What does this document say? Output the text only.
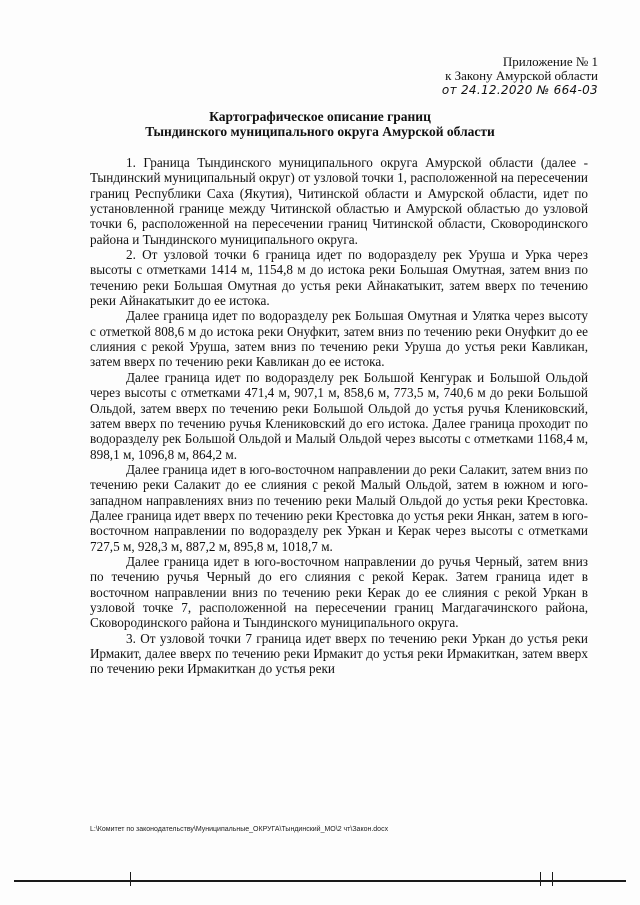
Приложение № 1
к Закону Амурской области
от 24.12.2020 № 664-03
Картографическое описание границ
Тындинского муниципального округа Амурской области

1. Граница Тындинского муниципального округа Амурской области (далее - Тындинский муниципальный округ) от узловой точки 1, расположенной на пересечении границ Республики Саха (Якутия), Читинской области и Амурской области, идет по установленной границе между Читинской областью и Амурской областью до узловой точки 6, расположенной на пересечении границ Читинской области, Сковородинского района и Тындинского муниципального округа.

2. От узловой точки 6 граница идет по водоразделу рек Уруша и Урка через высоты с отметками 1414 м, 1154,8 м до истока реки Большая Омутная, затем вниз по течению реки Большая Омутная до устья реки Айнакатыкит, затем вверх по течению реки Айнакатыкит до ее истока.

Далее граница идет по водоразделу рек Большая Омутная и Улятка через высоту с отметкой 808,6 м до истока реки Онуфкит, затем вниз по течению реки Онуфкит до ее слияния с рекой Уруша, затем вниз по течению реки Уруша до устья реки Кавликан, затем вверх по течению реки Кавликан до ее истока.

Далее граница идет по водоразделу рек Большой Кенгурак и Большой Ольдой через высоты с отметками 471,4 м, 907,1 м, 858,6 м, 773,5 м, 740,6 м до реки Большой Ольдой, затем вверх по течению реки Большой Ольдой до устья ручья Клениковский, затем вверх по течению ручья Клениковский до его истока. Далее граница проходит по водоразделу рек Большой Ольдой и Малый Ольдой через высоты с отметками 1168,4 м, 898,1 м, 1096,8 м, 864,2 м.

Далее граница идет в юго-восточном направлении до реки Салакит, затем вниз по течению реки Салакит до ее слияния с рекой Малый Ольдой, затем в южном и юго-западном направлениях вниз по течению реки Малый Ольдой до устья реки Крестовка. Далее граница идет вверх по течению реки Крестовка до устья реки Янкан, затем в юго-восточном направлении по водоразделу рек Уркан и Керак через высоты с отметками 727,5 м, 928,3 м, 887,2 м, 895,8 м, 1018,7 м.

Далее граница идет в юго-восточном направлении до ручья Черный, затем вниз по течению ручья Черный до его слияния с рекой Керак. Затем граница идет в восточном направлении вниз по течению реки Керак до ее слияния с рекой Уркан в узловой точке 7, расположенной на пересечении границ Магдагачинского района, Сковородинского района и Тындинского муниципального округа.

3. От узловой точки 7 граница идет вверх по течению реки Уркан до устья реки Ирмакит, далее вверх по течению реки Ирмакит до устья реки Ирмакиткан, затем вверх по течению реки Ирмакиткан до устья реки

L:\Комитет по законодательству\Муниципальные_ОКРУГА\Тындинский_МО\2 чт\Закон.docx
